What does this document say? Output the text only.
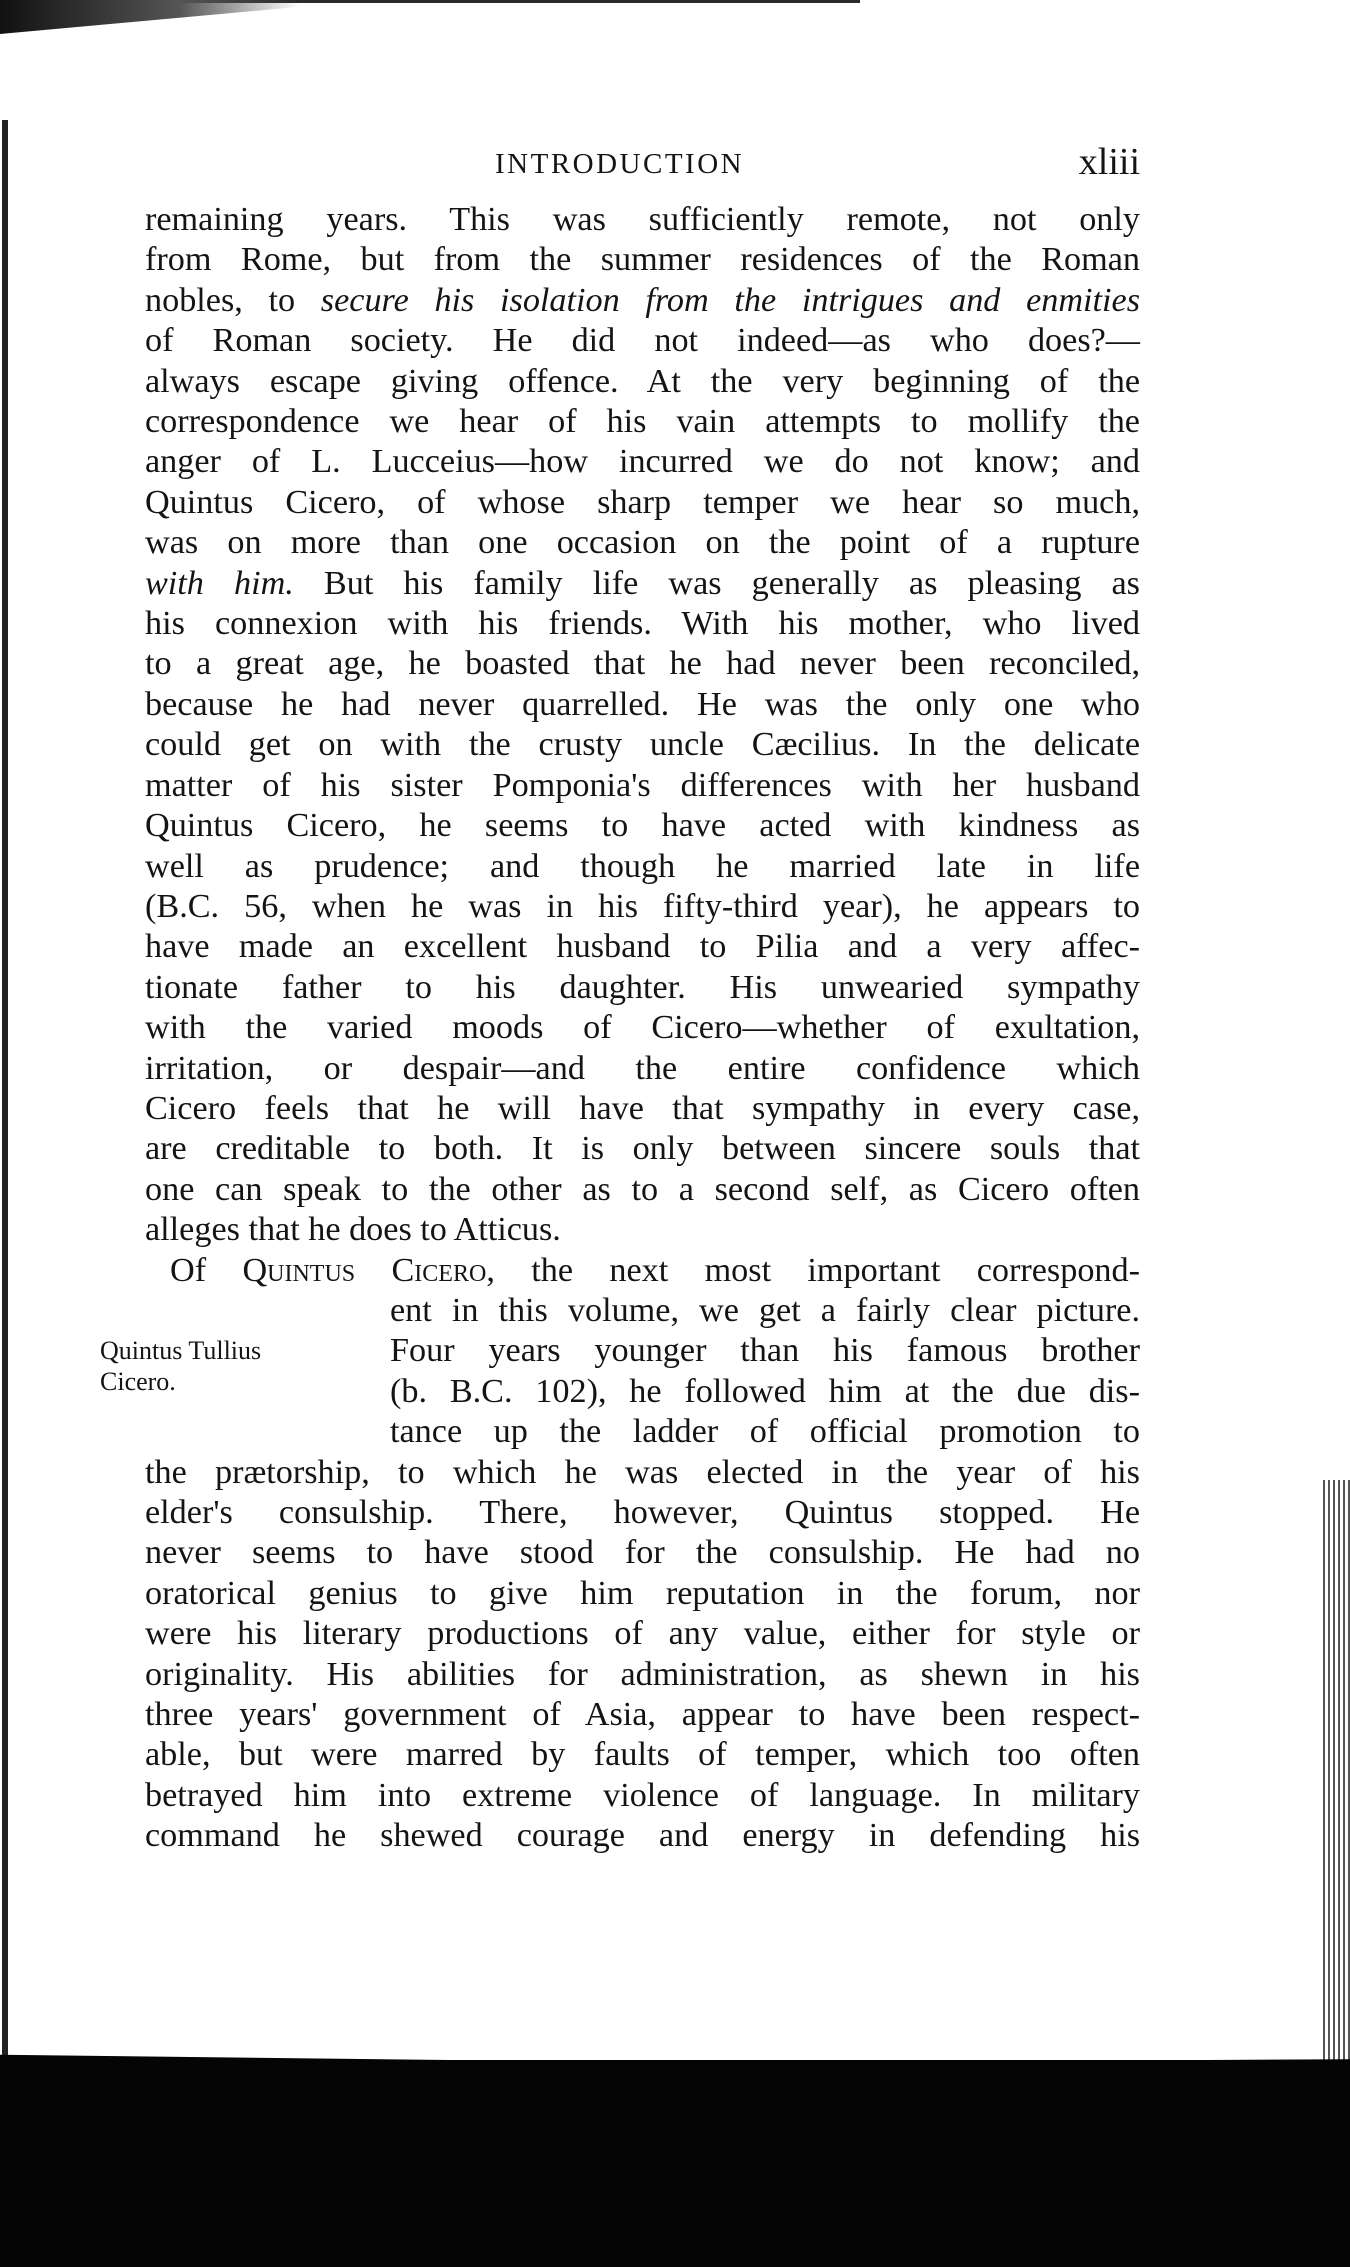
INTRODUCTION	xliii
remaining years. This was sufficiently remote, not only
from Rome, but from the summer residences of the Roman
nobles, to secure his isolation from the intrigues and enmities
of Roman society. He did not indeed—as who does?—
always escape giving offence. At the very beginning of the
correspondence we hear of his vain attempts to mollify the
anger of L. Lucceius—how incurred we do not know; and
Quintus Cicero, of whose sharp temper we hear so much,
was on more than one occasion on the point of a rupture
with him. But his family life was generally as pleasing as
his connexion with his friends. With his mother, who lived
to a great age, he boasted that he had never been reconciled,
because he had never quarrelled. He was the only one who
could get on with the crusty uncle Cæcilius. In the delicate
matter of his sister Pomponia's differences with her husband
Quintus Cicero, he seems to have acted with kindness as
well as prudence; and though he married late in life
(B.C. 56, when he was in his fifty-third year), he appears to
have made an excellent husband to Pilia and a very affec-
tionate father to his daughter. His unwearied sympathy
with the varied moods of Cicero—whether of exultation,
irritation, or despair—and the entire confidence which
Cicero feels that he will have that sympathy in every case,
are creditable to both. It is only between sincere souls that
one can speak to the other as to a second self, as Cicero often
alleges that he does to Atticus.
Of Quintus Cicero, the next most important correspond-
ent in this volume, we get a fairly clear picture.
Four years younger than his famous brother
(b. B.C. 102), he followed him at the due dis-
tance up the ladder of official promotion to
the prætorship, to which he was elected in the year of his
elder's consulship. There, however, Quintus stopped. He
never seems to have stood for the consulship. He had no
oratorical genius to give him reputation in the forum, nor
were his literary productions of any value, either for style or
originality. His abilities for administration, as shewn in his
three years' government of Asia, appear to have been respect-
able, but were marred by faults of temper, which too often
betrayed him into extreme violence of language. In military
command he shewed courage and energy in defending his
Quintus Tullius
Cicero.
